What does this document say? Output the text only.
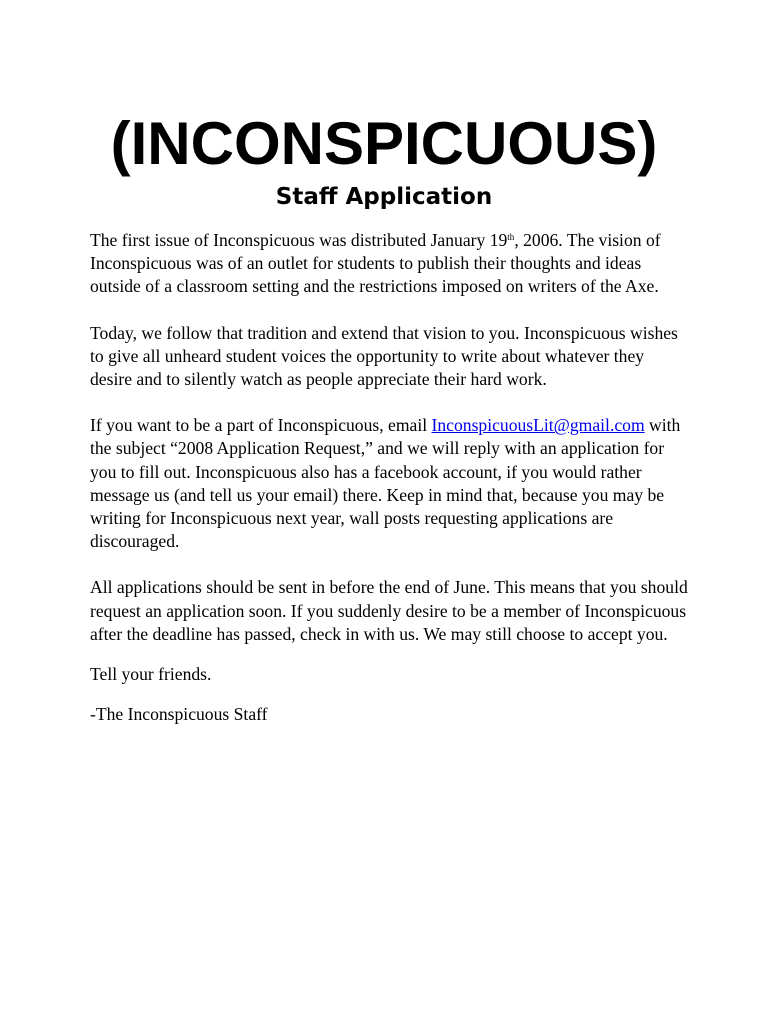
(INCONSPICUOUS)
Staff Application

The first issue of Inconspicuous was distributed January 19th, 2006. The vision of Inconspicuous was of an outlet for students to publish their thoughts and ideas outside of a classroom setting and the restrictions imposed on writers of the Axe.

Today, we follow that tradition and extend that vision to you. Inconspicuous wishes to give all unheard student voices the opportunity to write about whatever they desire and to silently watch as people appreciate their hard work.

If you want to be a part of Inconspicuous, email InconspicuousLit@gmail.com with the subject “2008 Application Request,” and we will reply with an application for you to fill out. Inconspicuous also has a facebook account, if you would rather message us (and tell us your email) there. Keep in mind that, because you may be writing for Inconspicuous next year, wall posts requesting applications are discouraged.

All applications should be sent in before the end of June. This means that you should request an application soon. If you suddenly desire to be a member of Inconspicuous after the deadline has passed, check in with us. We may still choose to accept you.

Tell your friends.

-The Inconspicuous Staff
